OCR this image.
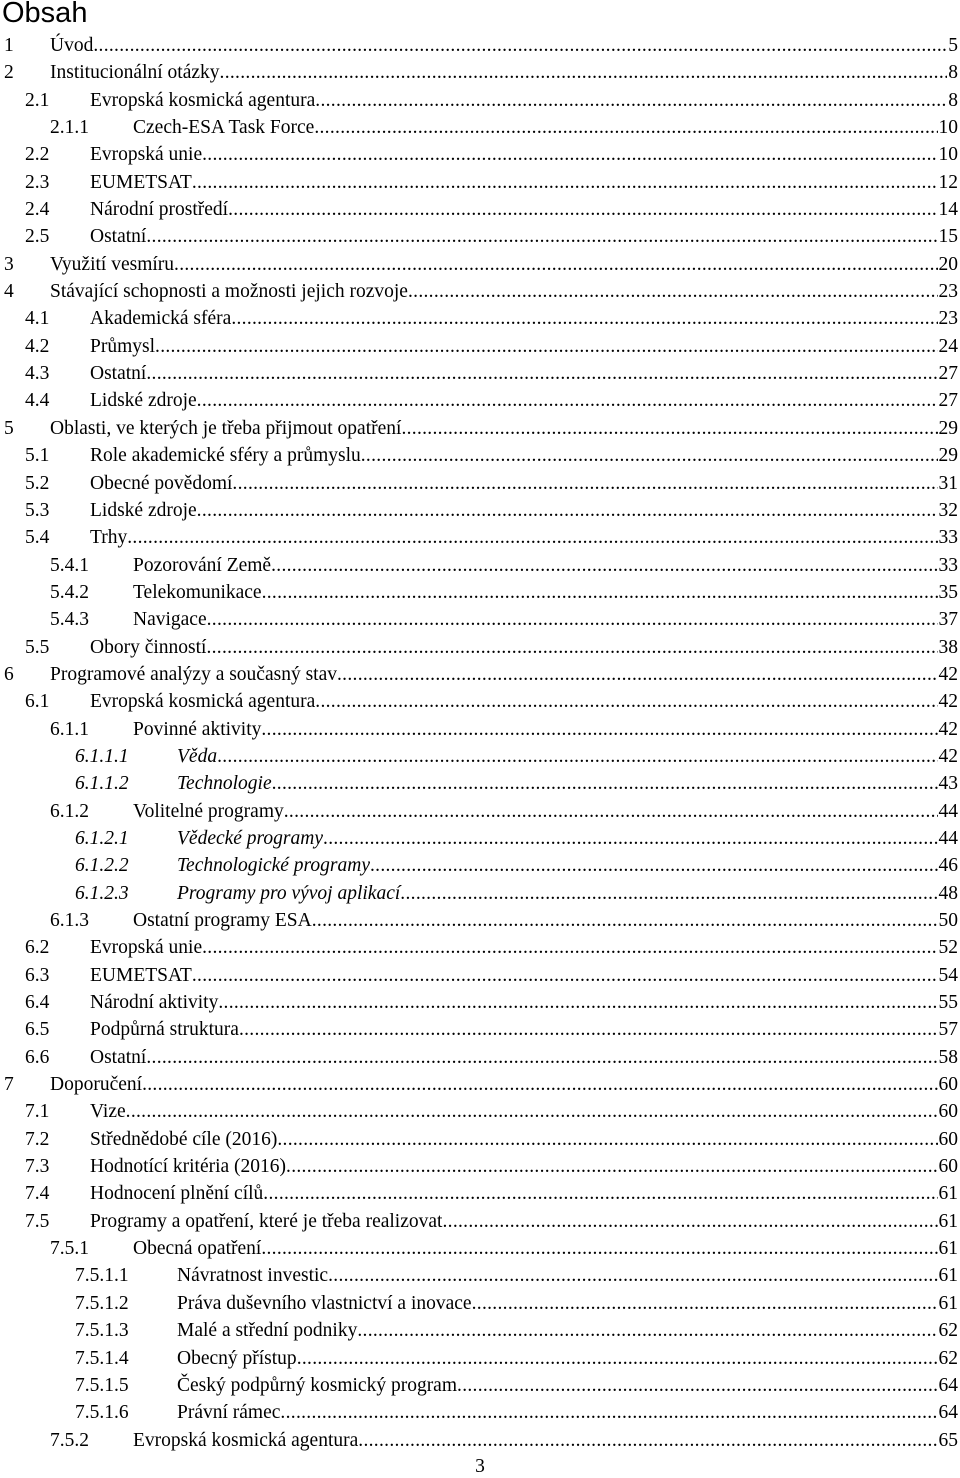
Obsah
1	Úvod .....	5
2	Institucionální otázky .....	8
2.1	Evropská kosmická agentura .....	8
2.1.1	Czech-ESA Task Force .....	10
2.2	Evropská unie .....	10
2.3	EUMETSAT .....	12
2.4	Národní prostředí .....	14
2.5	Ostatní .....	15
3	Využití vesmíru .....	20
4	Stávající schopnosti a možnosti jejich rozvoje .....	23
4.1	Akademická sféra .....	23
4.2	Průmysl .....	24
4.3	Ostatní .....	27
4.4	Lidské zdroje .....	27
5	Oblasti, ve kterých je třeba přijmout opatření .....	29
5.1	Role akademické sféry a průmyslu .....	29
5.2	Obecné povědomí .....	31
5.3	Lidské zdroje .....	32
5.4	Trhy .....	33
5.4.1	Pozorování Země .....	33
5.4.2	Telekomunikace .....	35
5.4.3	Navigace .....	37
5.5	Obory činností .....	38
6	Programové analýzy a současný stav .....	42
6.1	Evropská kosmická agentura .....	42
6.1.1	Povinné aktivity .....	42
6.1.1.1	Věda .....	42
6.1.1.2	Technologie .....	43
6.1.2	Volitelné programy .....	44
6.1.2.1	Vědecké programy .....	44
6.1.2.2	Technologické programy .....	46
6.1.2.3	Programy pro vývoj aplikací .....	48
6.1.3	Ostatní programy ESA .....	50
6.2	Evropská unie .....	52
6.3	EUMETSAT .....	54
6.4	Národní aktivity .....	55
6.5	Podpůrná struktura .....	57
6.6	Ostatní .....	58
7	Doporučení .....	60
7.1	Vize .....	60
7.2	Střednědobé cíle (2016) .....	60
7.3	Hodnotící kritéria (2016) .....	60
7.4	Hodnocení plnění cílů .....	61
7.5	Programy a opatření, které je třeba realizovat .....	61
7.5.1	Obecná opatření .....	61
7.5.1.1	Návratnost investic .....	61
7.5.1.2	Práva duševního vlastnictví a inovace .....	61
7.5.1.3	Malé a střední podniky .....	62
7.5.1.4	Obecný přístup .....	62
7.5.1.5	Český podpůrný kosmický program .....	64
7.5.1.6	Právní rámec .....	64
7.5.2	Evropská kosmická agentura .....	65
3
